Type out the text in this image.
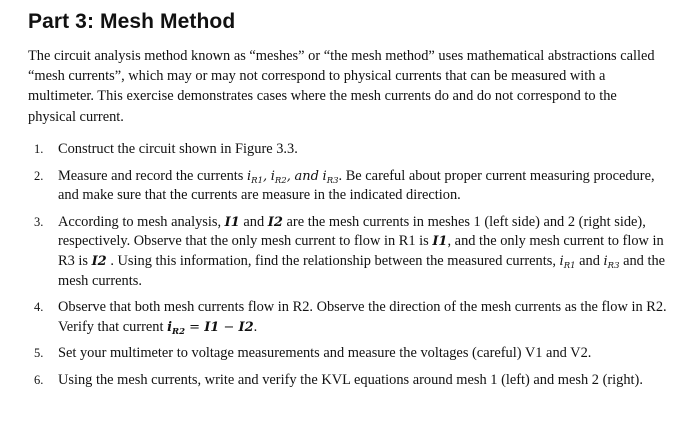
Part 3: Mesh Method

The circuit analysis method known as “meshes” or “the mesh method” uses mathematical abstractions called “mesh currents”, which may or may not correspond to physical currents that can be measured with a multimeter. This exercise demonstrates cases where the mesh currents do and do not correspond to the physical current.

1. Construct the circuit shown in Figure 3.3.
2. Measure and record the currents $i_{R1}$, $i_{R2}$, and $i_{R3}$. Be careful about proper current measuring procedure, and make sure that the currents are measure in the indicated direction.
3. According to mesh analysis, I1 and I2 are the mesh currents in meshes 1 (left side) and 2 (right side), respectively. Observe that the only mesh current to flow in R1 is I1, and the only mesh current to flow in R3 is I2 . Using this information, find the relationship between the measured currents, $i_{R1}$ and $i_{R3}$ and the mesh currents.
4. Observe that both mesh currents flow in R2. Observe the direction of the mesh currents as the flow in R2. Verify that current $i_{R2} = I1 - I2$.
5. Set your multimeter to voltage measurements and measure the voltages (careful) V1 and V2.
6. Using the mesh currents, write and verify the KVL equations around mesh 1 (left) and mesh 2 (right).
